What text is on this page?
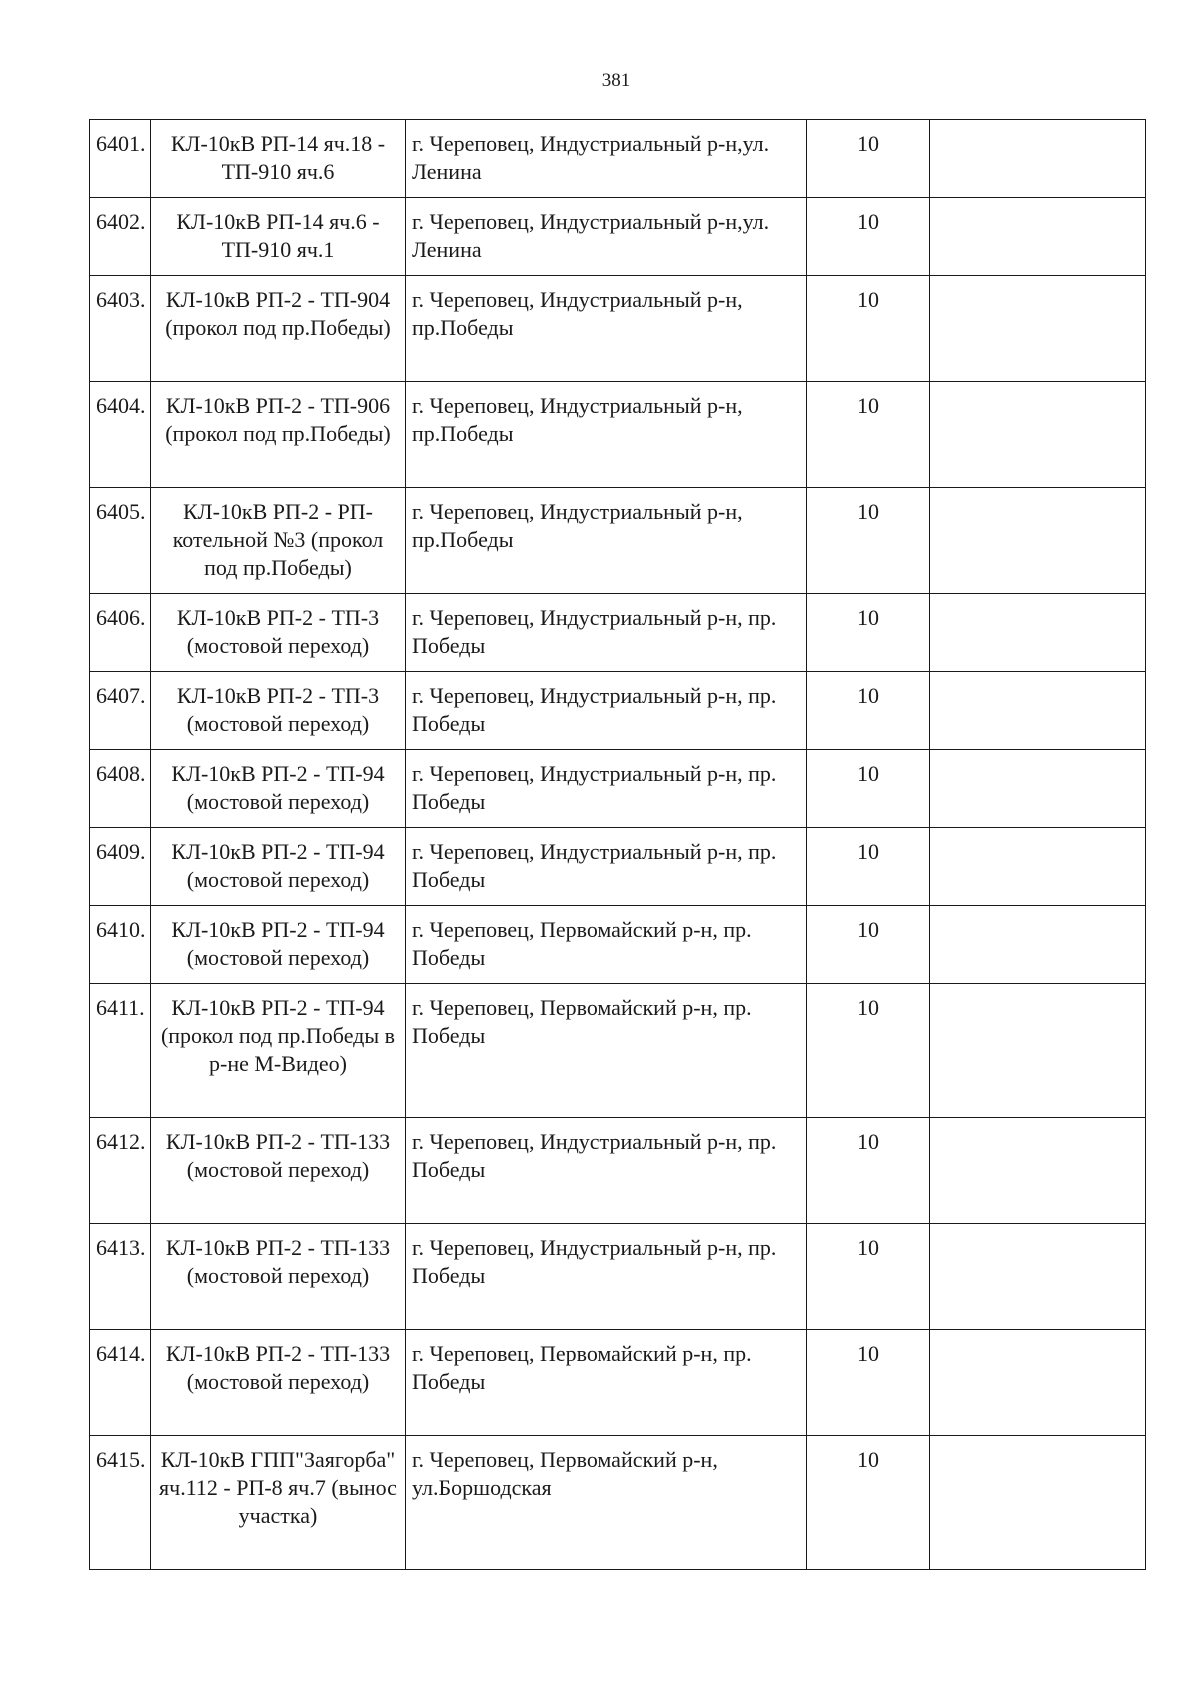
381
6401.	КЛ-10кВ РП-14 яч.18 - ТП-910 яч.6	г. Череповец, Индустриальный р-н,ул. Ленина	10	
6402.	КЛ-10кВ РП-14 яч.6 - ТП-910 яч.1	г. Череповец, Индустриальный р-н,ул. Ленина	10	
6403.	КЛ-10кВ РП-2 - ТП-904 (прокол под пр.Победы)	г. Череповец, Индустриальный р-н, пр.Победы	10	
6404.	КЛ-10кВ РП-2 - ТП-906 (прокол под пр.Победы)	г. Череповец, Индустриальный р-н, пр.Победы	10	
6405.	КЛ-10кВ РП-2 - РП-котельной №3 (прокол под пр.Победы)	г. Череповец, Индустриальный р-н, пр.Победы	10	
6406.	КЛ-10кВ РП-2 - ТП-3 (мостовой переход)	г. Череповец, Индустриальный р-н, пр. Победы	10	
6407.	КЛ-10кВ РП-2 - ТП-3 (мостовой переход)	г. Череповец, Индустриальный р-н, пр. Победы	10	
6408.	КЛ-10кВ РП-2 - ТП-94 (мостовой переход)	г. Череповец, Индустриальный р-н, пр. Победы	10	
6409.	КЛ-10кВ РП-2 - ТП-94 (мостовой переход)	г. Череповец, Индустриальный р-н, пр. Победы	10	
6410.	КЛ-10кВ РП-2 - ТП-94 (мостовой переход)	г. Череповец, Первомайский р-н, пр. Победы	10	
6411.	КЛ-10кВ РП-2 - ТП-94 (прокол под пр.Победы в р-не М-Видео)	г. Череповец, Первомайский р-н, пр. Победы	10	
6412.	КЛ-10кВ РП-2 - ТП-133 (мостовой переход)	г. Череповец, Индустриальный р-н, пр. Победы	10	
6413.	КЛ-10кВ РП-2 - ТП-133 (мостовой переход)	г. Череповец, Индустриальный р-н, пр. Победы	10	
6414.	КЛ-10кВ РП-2 - ТП-133 (мостовой переход)	г. Череповец, Первомайский р-н, пр. Победы	10	
6415.	КЛ-10кВ ГПП"Заягорба" яч.112 - РП-8 яч.7 (вынос участка)	г. Череповец, Первомайский р-н, ул.Боршодская	10	
